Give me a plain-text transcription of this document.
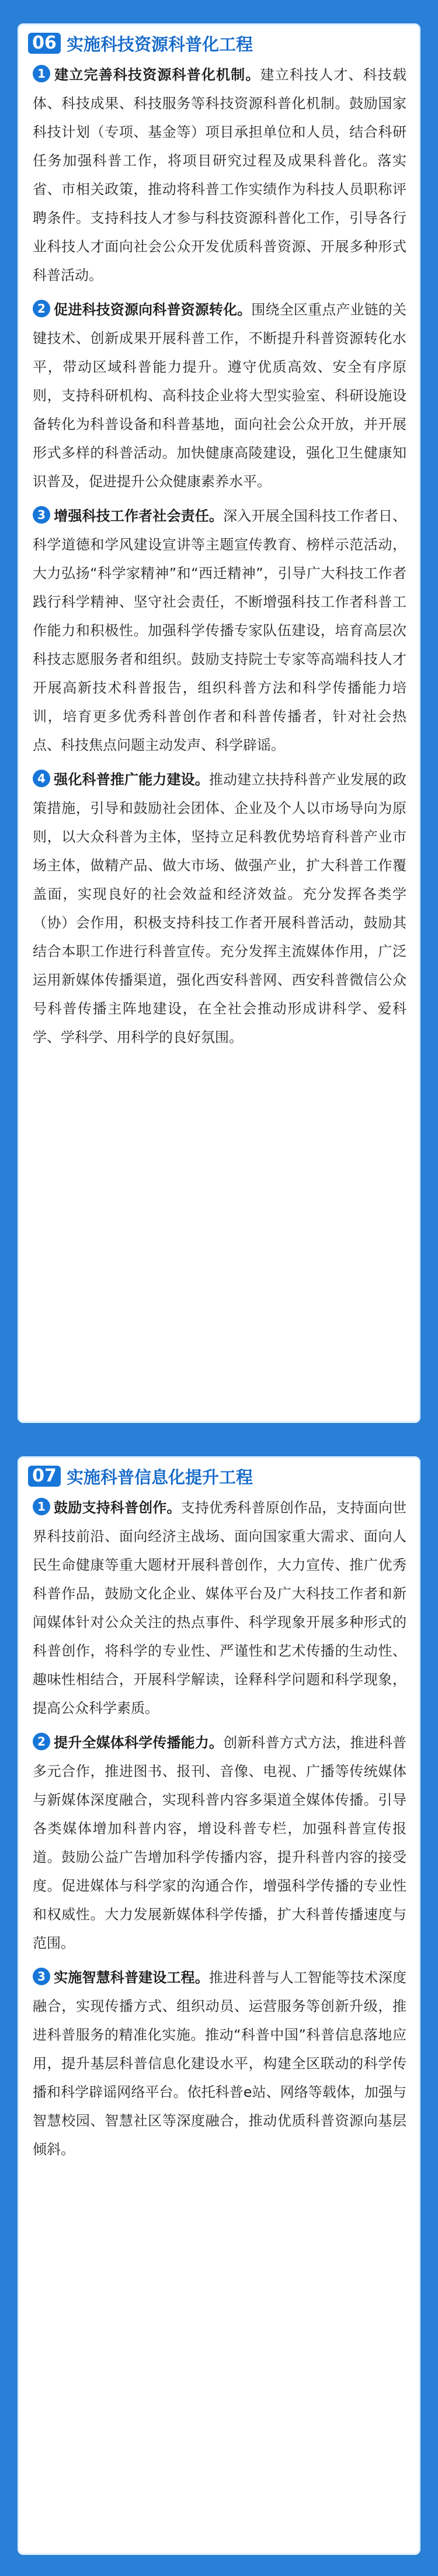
06 实施科技资源科普化工程

1 建立完善科技资源科普化机制。建立科技人才、科技载体、科技成果、科技服务等科技资源科普化机制。鼓励国家科技计划（专项、基金等）项目承担单位和人员，结合科研任务加强科普工作，将项目研究过程及成果科普化。落实省、市相关政策，推动将科普工作实绩作为科技人员职称评聘条件。支持科技人才参与科技资源科普化工作，引导各行业科技人才面向社会公众开发优质科普资源、开展多种形式科普活动。

2 促进科技资源向科普资源转化。围绕全区重点产业链的关键技术、创新成果开展科普工作，不断提升科普资源转化水平，带动区域科普能力提升。遵守优质高效、安全有序原则，支持科研机构、高科技企业将大型实验室、科研设施设备转化为科普设备和科普基地，面向社会公众开放，并开展形式多样的科普活动。加快健康高陵建设，强化卫生健康知识普及，促进提升公众健康素养水平。

3 增强科技工作者社会责任。深入开展全国科技工作者日、科学道德和学风建设宣讲等主题宣传教育、榜样示范活动，大力弘扬“科学家精神”和“西迁精神”，引导广大科技工作者践行科学精神、坚守社会责任，不断增强科技工作者科普工作能力和积极性。加强科学传播专家队伍建设，培育高层次科技志愿服务者和组织。鼓励支持院士专家等高端科技人才开展高新技术科普报告，组织科普方法和科学传播能力培训，培育更多优秀科普创作者和科普传播者，针对社会热点、科技焦点问题主动发声、科学辟谣。

4 强化科普推广能力建设。推动建立扶持科普产业发展的政策措施，引导和鼓励社会团体、企业及个人以市场导向为原则，以大众科普为主体，坚持立足科教优势培育科普产业市场主体，做精产品、做大市场、做强产业，扩大科普工作覆盖面，实现良好的社会效益和经济效益。充分发挥各类学（协）会作用，积极支持科技工作者开展科普活动，鼓励其结合本职工作进行科普宣传。充分发挥主流媒体作用，广泛运用新媒体传播渠道，强化西安科普网、西安科普微信公众号科普传播主阵地建设，在全社会推动形成讲科学、爱科学、学科学、用科学的良好氛围。

07 实施科普信息化提升工程

1 鼓励支持科普创作。支持优秀科普原创作品，支持面向世界科技前沿、面向经济主战场、面向国家重大需求、面向人民生命健康等重大题材开展科普创作，大力宣传、推广优秀科普作品，鼓励文化企业、媒体平台及广大科技工作者和新闻媒体针对公众关注的热点事件、科学现象开展多种形式的科普创作，将科学的专业性、严谨性和艺术传播的生动性、趣味性相结合，开展科学解读，诠释科学问题和科学现象，提高公众科学素质。

2 提升全媒体科学传播能力。创新科普方式方法，推进科普多元合作，推进图书、报刊、音像、电视、广播等传统媒体与新媒体深度融合，实现科普内容多渠道全媒体传播。引导各类媒体增加科普内容，增设科普专栏，加强科普宣传报道。鼓励公益广告增加科学传播内容，提升科普内容的接受度。促进媒体与科学家的沟通合作，增强科学传播的专业性和权威性。大力发展新媒体科学传播，扩大科普传播速度与范围。

3 实施智慧科普建设工程。推进科普与人工智能等技术深度融合，实现传播方式、组织动员、运营服务等创新升级，推进科普服务的精准化实施。推动“科普中国”科普信息落地应用，提升基层科普信息化建设水平，构建全区联动的科学传播和科学辟谣网络平台。依托科普e站、网络等载体，加强与智慧校园、智慧社区等深度融合，推动优质科普资源向基层倾斜。
